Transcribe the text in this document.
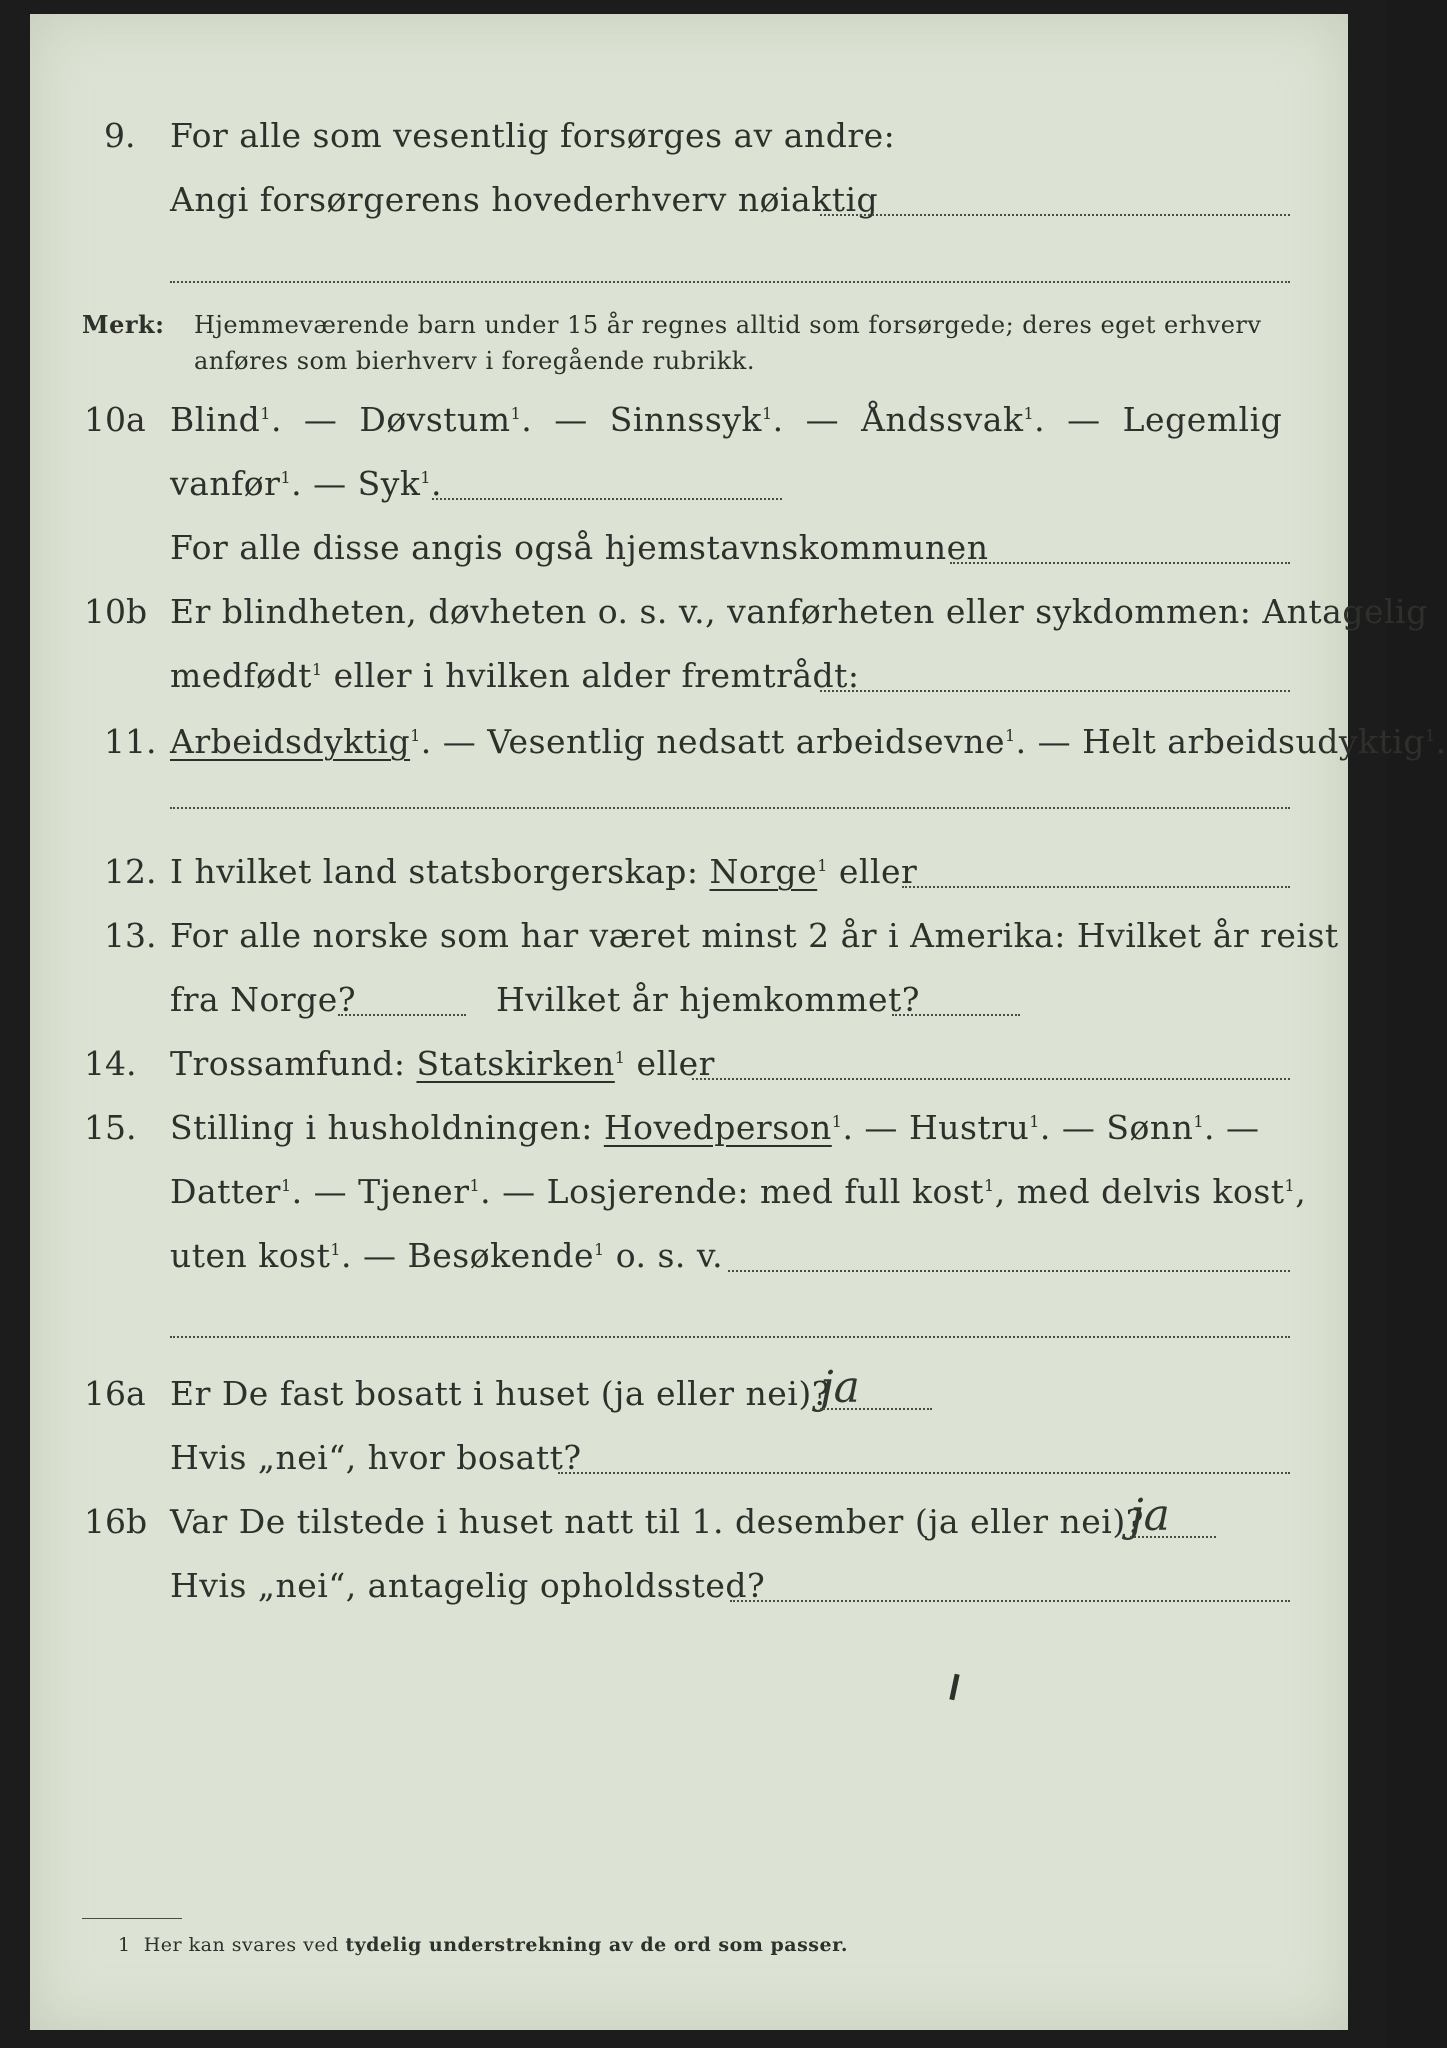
9. For alle som vesentlig forsørges av andre:
Angi forsørgerens hovederhverv nøiaktig
Merk: Hjemmeværende barn under 15 år regnes alltid som forsørgede; deres eget erhverv
anføres som bierhverv i foregående rubrikk.
10a Blind$^1$.  —  Døvstum$^1$.  —  Sinnssyk$^1$.  —  Åndssvak$^1$.  —  Legemlig
vanfør$^1$. — Syk$^1$.
For alle disse angis også hjemstavnskommunen
10b Er blindheten, døvheten o. s. v., vanførheten eller sykdommen: Antagelig
medfødt$^1$ eller i hvilken alder fremtrådt:
11. Arbeidsdyktig$^1$. — Vesentlig nedsatt arbeidsevne$^1$. — Helt arbeidsudyktig$^1$.
12. I hvilket land statsborgerskap: Norge$^1$ eller
13. For alle norske som har været minst 2 år i Amerika: Hvilket år reist
fra Norge?	Hvilket år hjemkommet?
14. Trossamfund: Statskirken$^1$ eller
15. Stilling i husholdningen: Hovedperson$^1$. — Hustru$^1$. — Sønn$^1$. —
Datter$^1$. — Tjener$^1$. — Losjerende: med full kost$^1$, med delvis kost$^1$,
uten kost$^1$. — Besøkende$^1$ o. s. v.
16a Er De fast bosatt i huset (ja eller nei)?
ja
Hvis „nei“, hvor bosatt?
16b Var De tilstede i huset natt til 1. desember (ja eller nei)?
ja
Hvis „nei“, antagelig opholdssted?
1 Her kan svares ved tydelig understrekning av de ord som passer.
